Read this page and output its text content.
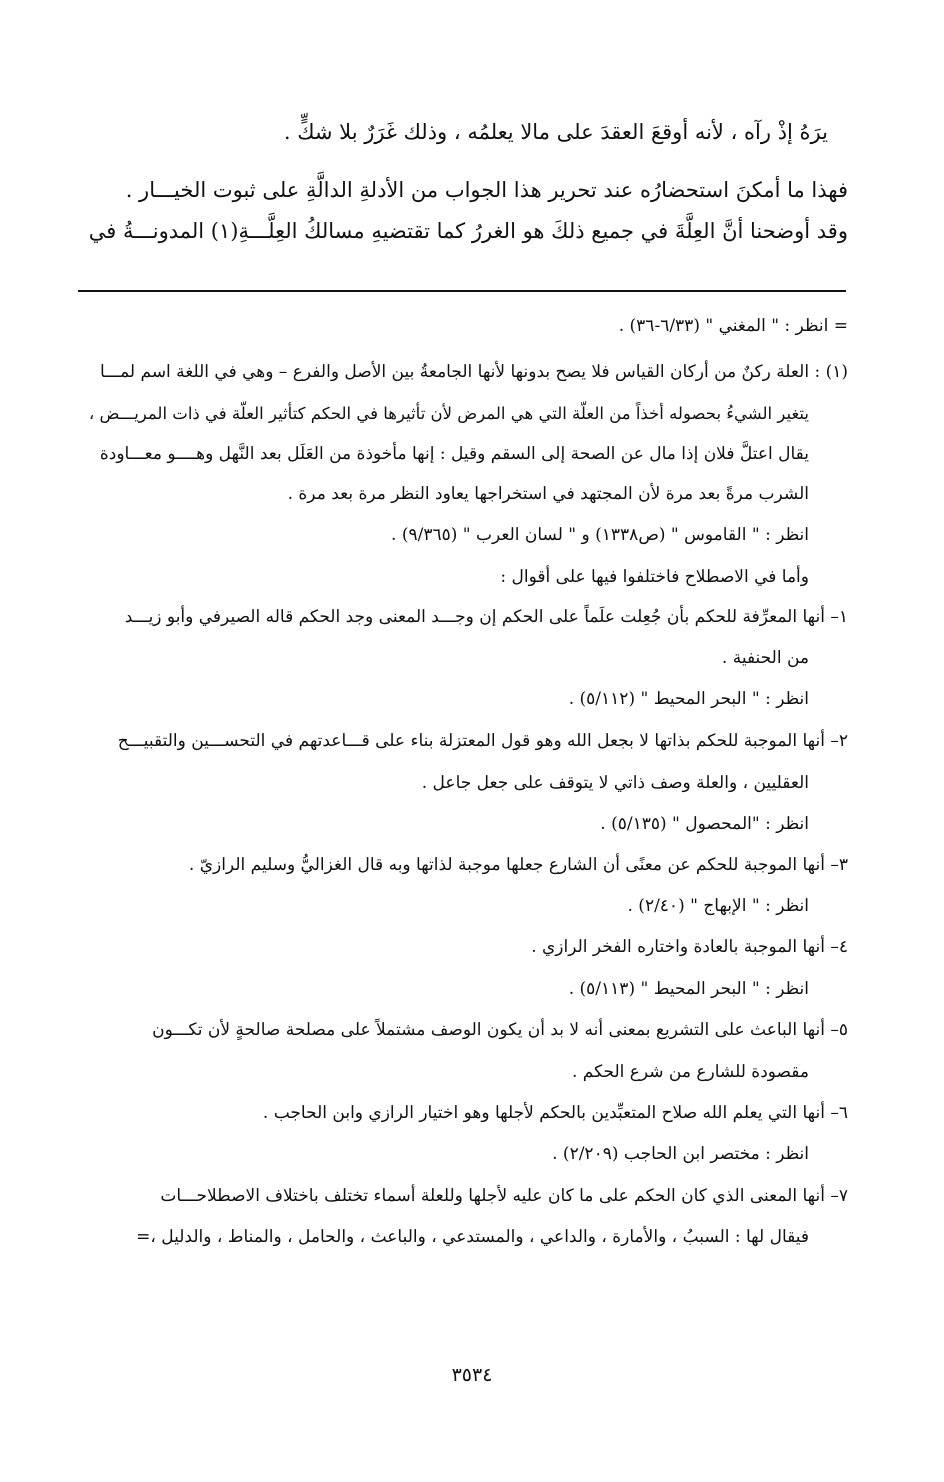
يرَهُ إذْ رآه ، لأنه أوقعَ العقدَ على مالا يعلمُه ، وذلك غَرَرٌ بلا شكٍّ .
فهذا ما أمكنَ استحضارُه عند تحرير هذا الجواب من الأدلةِ الدالَّةِ على ثبوت الخيـــار .
وقد أوضحنا أنَّ العِلَّةَ في جميع ذلكَ هو الغررُ كما تقتضيهِ مسالكُ العِلَّـــةِ(١) المدونـــةُ في
= انظر : " المغني " (٦/٣٣-٣٦) .
(١) : العلة ركنٌ من أركان القياس فلا يصح بدونها لأنها الجامعةُ بين الأصل والفرع – وهي في اللغة اسم لمـــا
يتغير الشيءُ بحصوله أخذاً من العلّة التي هي المرض لأن تأثيرها في الحكم كتأثير العلّة في ذات المريـــض ،
يقال اعتلَّ فلان إذا مال عن الصحة إلى السقم وقيل : إنها مأخوذة من العَلَل بعد النَّهل وهــــو معـــاودة
الشرب مرةً بعد مرة لأن المجتهد في استخراجها يعاود النظر مرة بعد مرة .
انظر : " القاموس " (ص١٣٣٨) و " لسان العرب " (٩/٣٦٥) .
وأما في الاصطلاح فاختلفوا فيها على أقوال :
١– أنها المعرِّفة للحكم بأن جُعِلت علَماً على الحكم إن وجـــد المعنى وجد الحكم قاله الصيرفي وأبو زيـــد
من الحنفية .
انظر : " البحر المحيط " (٥/١١٢) .
٢– أنها الموجبة للحكم بذاتها لا بجعل الله وهو قول المعتزلة بناء على قـــاعدتهم في التحســـين والتقبيـــح
العقليين ، والعلة وصف ذاتي لا يتوقف على جعل جاعل .
انظر : "المحصول " (٥/١٣٥) .
٣– أنها الموجبة للحكم عن معنًى أن الشارع جعلها موجبة لذاتها وبه قال الغزاليُّ وسليم الرازيّ .
انظر : " الإبهاج " (٢/٤٠) .
٤– أنها الموجبة بالعادة واختاره الفخر الرازي .
انظر : " البحر المحيط " (٥/١١٣) .
٥– أنها الباعث على التشريع بمعنى أنه لا بد أن يكون الوصف مشتملاً على مصلحة صالحةٍ لأن تكـــون
مقصودة للشارع من شرع الحكم .
٦– أنها التي يعلم الله صلاح المتعبِّدين بالحكم لأجلها وهو اختيار الرازي وابن الحاجب .
انظر : مختصر ابن الحاجب (٢/٢٠٩) .
٧– أنها المعنى الذي كان الحكم على ما كان عليه لأجلها وللعلة أسماء تختلف باختلاف الاصطلاحـــات
فيقال لها : السببُ ، والأمارة ، والداعي ، والمستدعي ، والباعث ، والحامل ، والمناط ، والدليل ،=
٣٥٣٤
